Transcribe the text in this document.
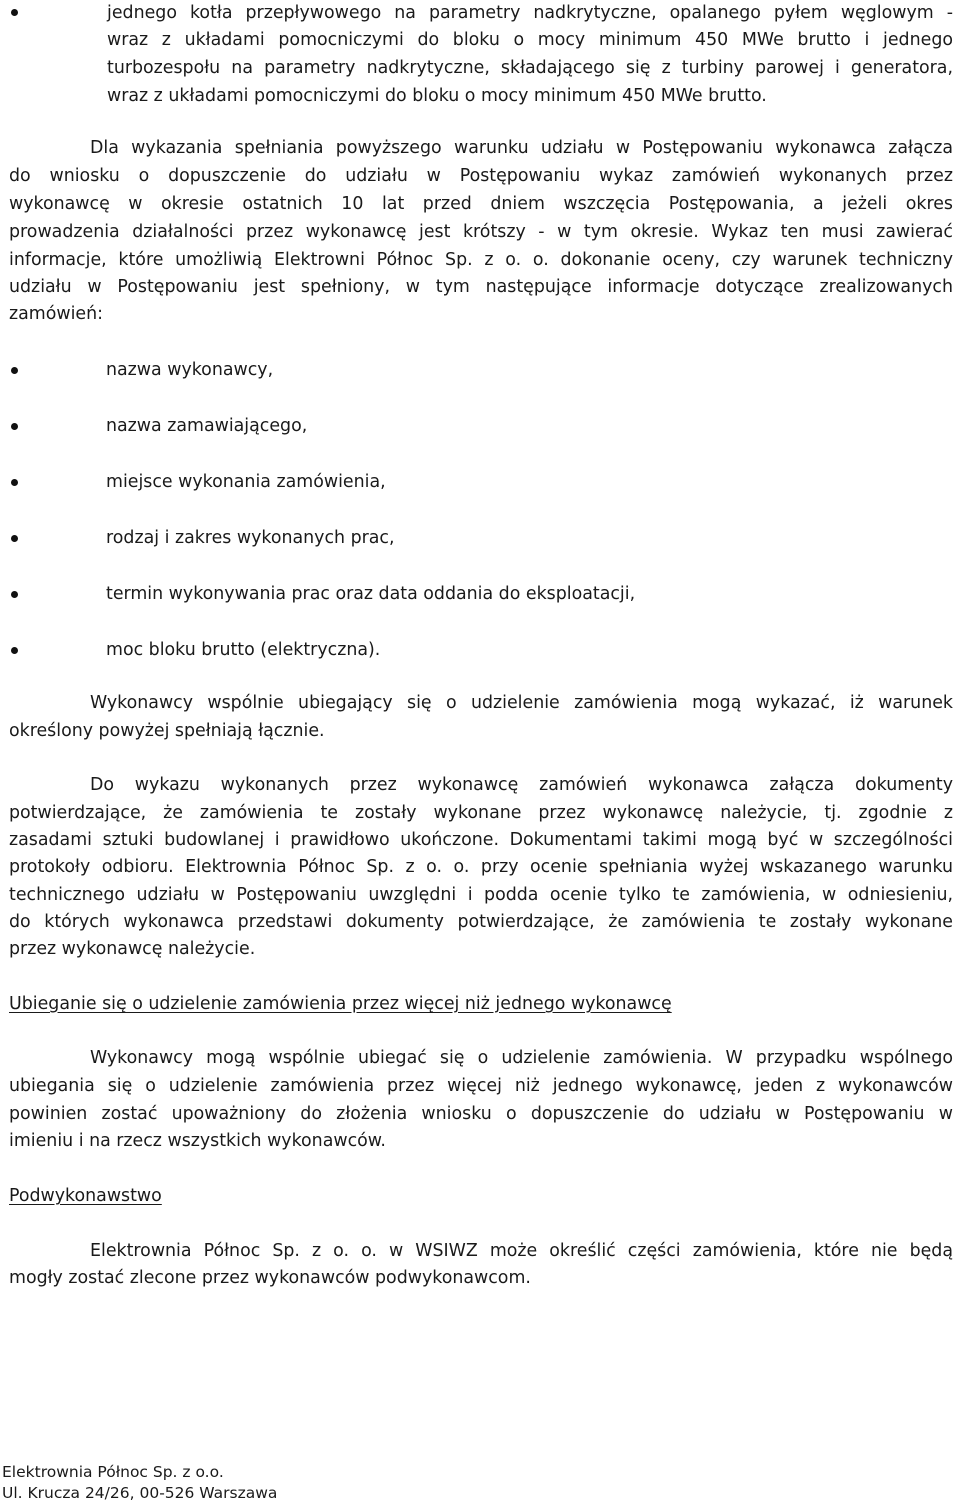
jednego kotła przepływowego na parametry nadkrytyczne, opalanego pyłem węglowym -
wraz z układami pomocniczymi do bloku o mocy minimum 450 MWe brutto i jednego
turbozespołu na parametry nadkrytyczne, składającego się z turbiny parowej i generatora,
wraz z układami pomocniczymi do bloku o mocy minimum 450 MWe brutto.
Dla wykazania spełniania powyższego warunku udziału w Postępowaniu wykonawca załącza
do wniosku o dopuszczenie do udziału w Postępowaniu wykaz zamówień wykonanych przez
wykonawcę w okresie ostatnich 10 lat przed dniem wszczęcia Postępowania, a jeżeli okres
prowadzenia działalności przez wykonawcę jest krótszy - w tym okresie. Wykaz ten musi zawierać
informacje, które umożliwią Elektrowni Północ Sp. z o. o. dokonanie oceny, czy warunek techniczny
udziału w Postępowaniu jest spełniony, w tym następujące informacje dotyczące zrealizowanych
zamówień:
nazwa wykonawcy,
nazwa zamawiającego,
miejsce wykonania zamówienia,
rodzaj i zakres wykonanych prac,
termin wykonywania prac oraz data oddania do eksploatacji,
moc bloku brutto (elektryczna).
Wykonawcy wspólnie ubiegający się o udzielenie zamówienia mogą wykazać, iż warunek
określony powyżej spełniają łącznie.
Do wykazu wykonanych przez wykonawcę zamówień wykonawca załącza dokumenty
potwierdzające, że zamówienia te zostały wykonane przez wykonawcę należycie, tj. zgodnie z
zasadami sztuki budowlanej i prawidłowo ukończone. Dokumentami takimi mogą być w szczególności
protokoły odbioru. Elektrownia Północ Sp. z o. o. przy ocenie spełniania wyżej wskazanego warunku
technicznego udziału w Postępowaniu uwzględni i podda ocenie tylko te zamówienia, w odniesieniu,
do których wykonawca przedstawi dokumenty potwierdzające, że zamówienia te zostały wykonane
przez wykonawcę należycie.
Ubieganie się o udzielenie zamówienia przez więcej niż jednego wykonawcę
Wykonawcy mogą wspólnie ubiegać się o udzielenie zamówienia. W przypadku wspólnego
ubiegania się o udzielenie zamówienia przez więcej niż jednego wykonawcę, jeden z wykonawców
powinien zostać upoważniony do złożenia wniosku o dopuszczenie do udziału w Postępowaniu w
imieniu i na rzecz wszystkich wykonawców.
Podwykonawstwo
Elektrownia Północ Sp. z o. o. w WSIWZ może określić części zamówienia, które nie będą
mogły zostać zlecone przez wykonawców podwykonawcom.
Elektrownia Północ Sp. z o.o.
Ul. Krucza 24/26, 00-526 Warszawa
